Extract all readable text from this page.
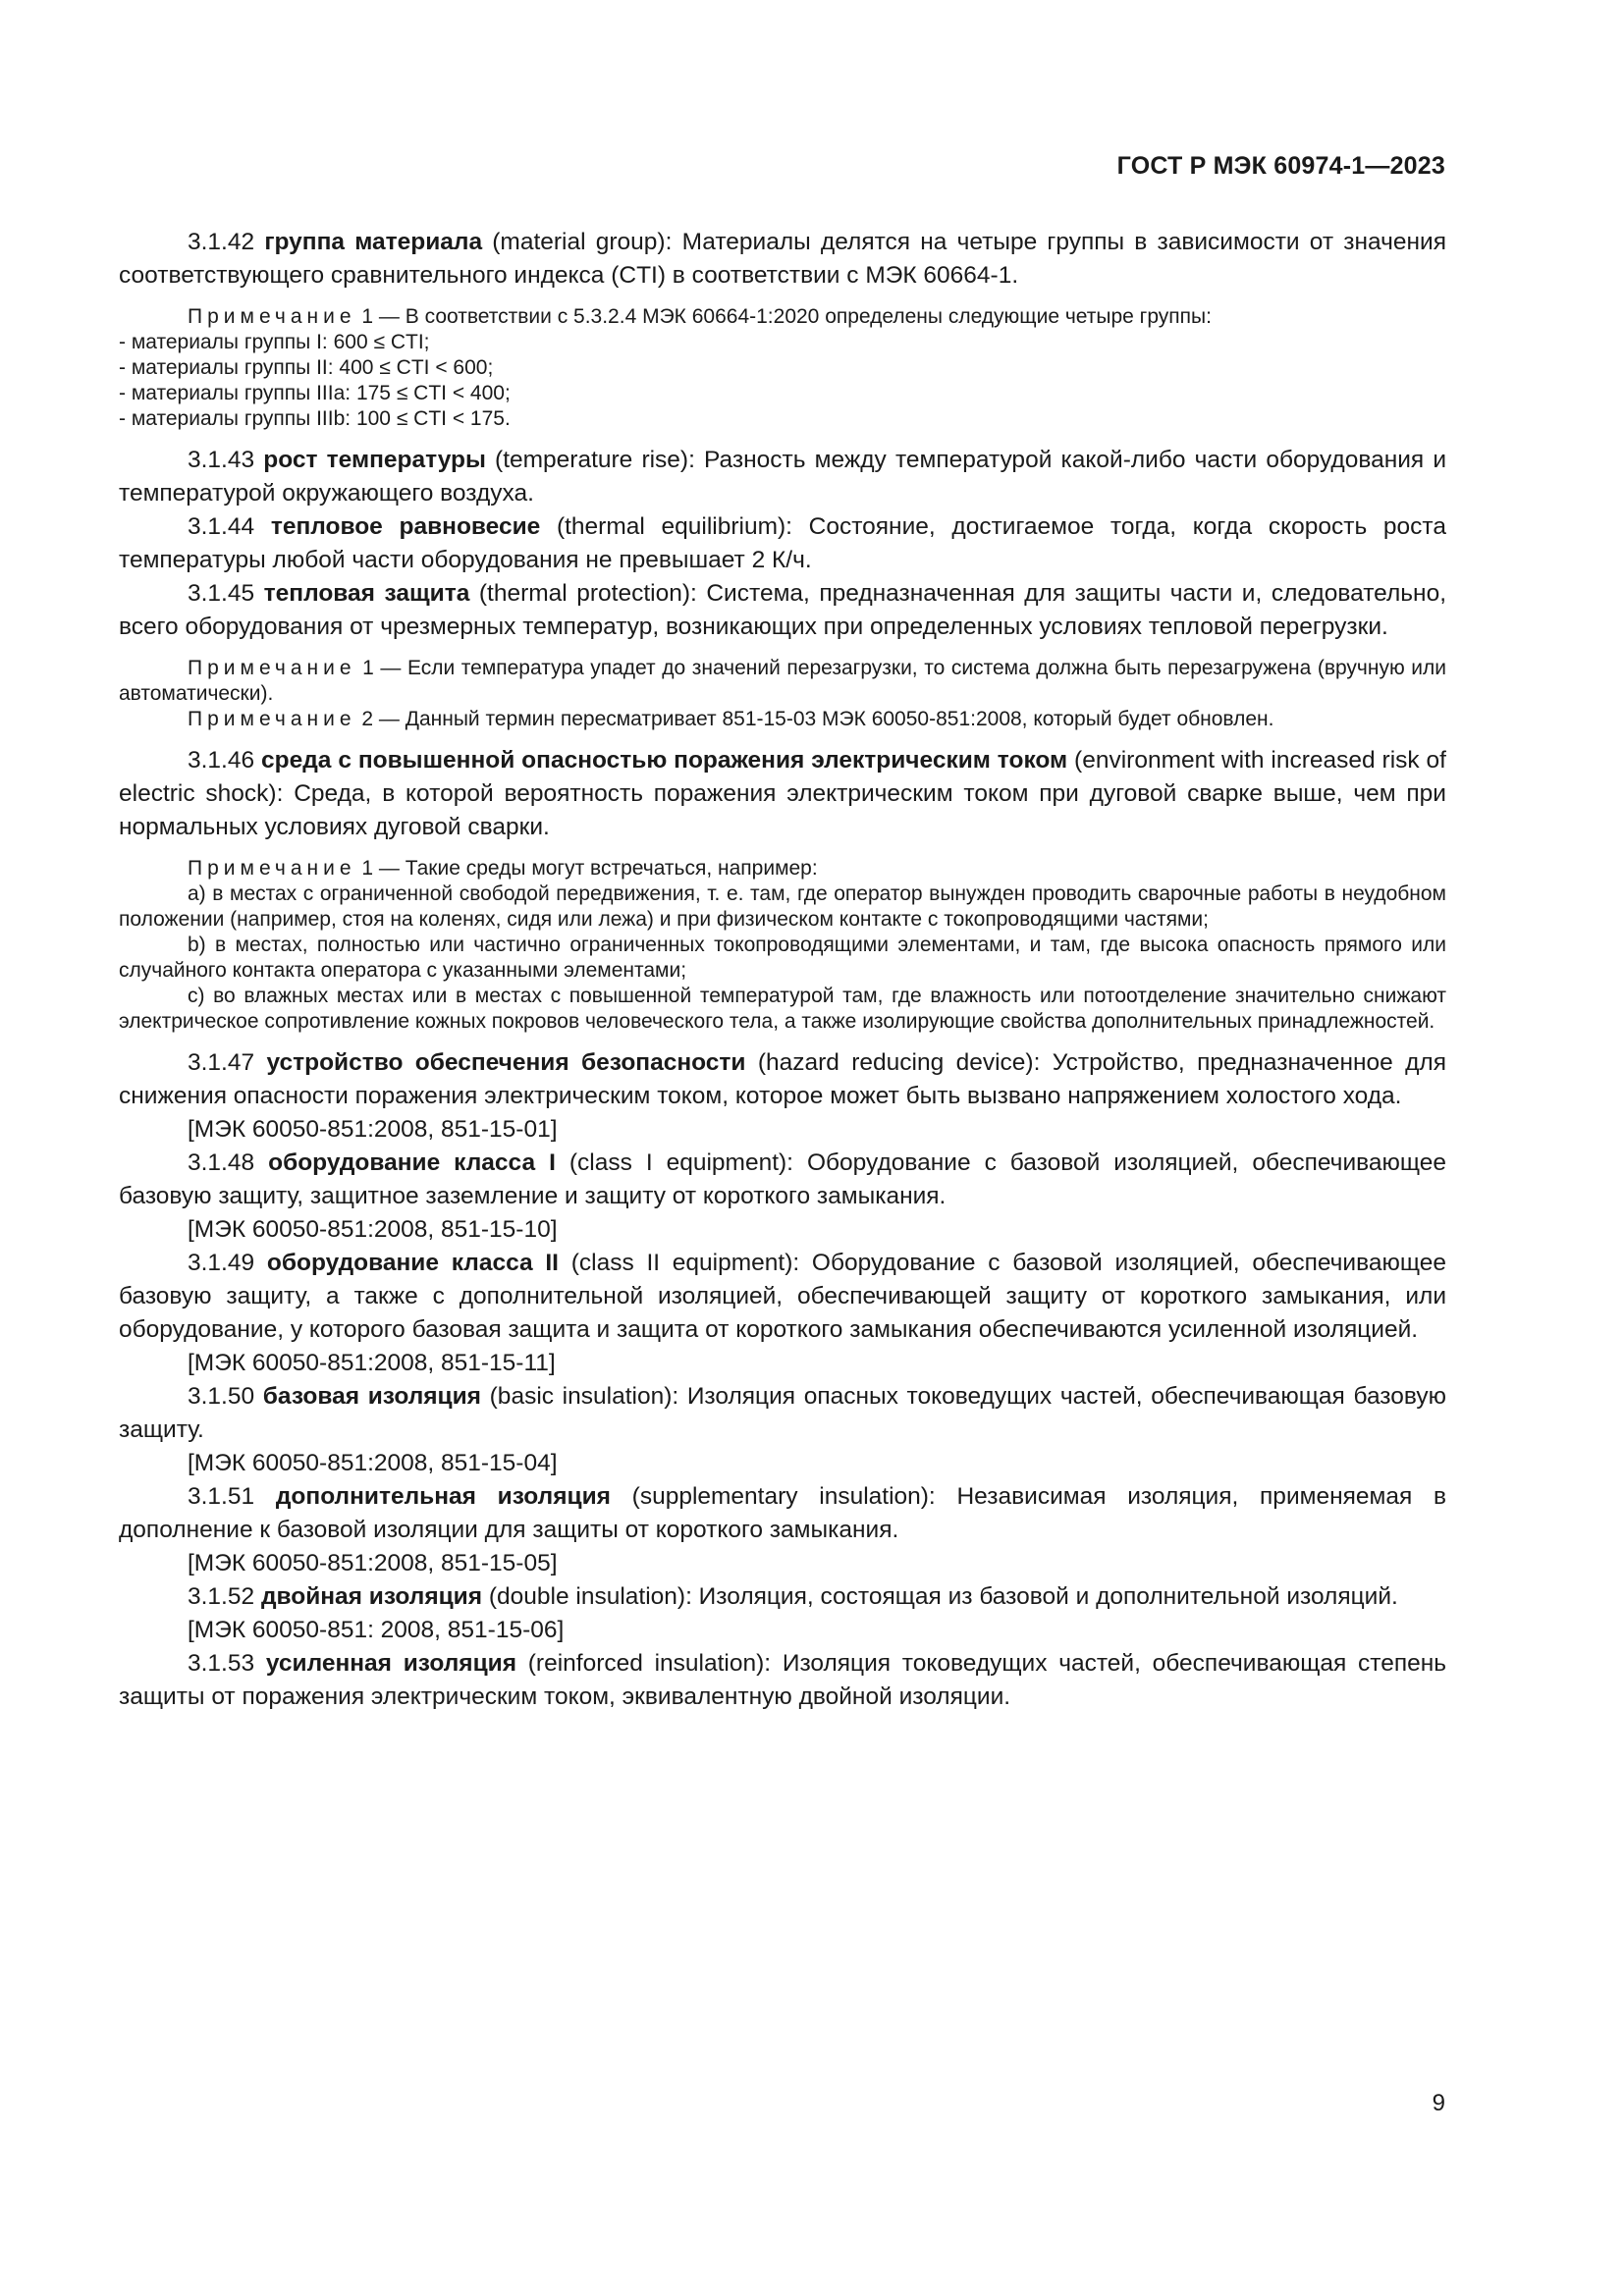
ГОСТ Р МЭК 60974-1—2023

3.1.42 группа материала (material group): Материалы делятся на четыре группы в зависимости от значения соответствующего сравнительного индекса (CTI) в соответствии с МЭК 60664-1.

Примечание 1 — В соответствии с 5.3.2.4 МЭК 60664-1:2020 определены следующие четыре группы:

- материалы группы I: 600 ≤ CTI;

- материалы группы II: 400 ≤ CTI < 600;

- материалы группы IIIa: 175 ≤ CTI < 400;

- материалы группы IIIb: 100 ≤ CTI < 175.

3.1.43 рост температуры (temperature rise): Разность между температурой какой-либо части оборудования и температурой окружающего воздуха.

3.1.44 тепловое равновесие (thermal equilibrium): Состояние, достигаемое тогда, когда скорость роста температуры любой части оборудования не превышает 2 К/ч.

3.1.45 тепловая защита (thermal protection): Система, предназначенная для защиты части и, следовательно, всего оборудования от чрезмерных температур, возникающих при определенных условиях тепловой перегрузки.

Примечание 1 — Если температура упадет до значений перезагрузки, то система должна быть перезагружена (вручную или автоматически).

Примечание 2 — Данный термин пересматривает 851-15-03 МЭК 60050-851:2008, который будет обновлен.

3.1.46 среда с повышенной опасностью поражения электрическим током (environment with increased risk of electric shock): Среда, в которой вероятность поражения электрическим током при дуговой сварке выше, чем при нормальных условиях дуговой сварки.

Примечание 1 — Такие среды могут встречаться, например:

a) в местах с ограниченной свободой передвижения, т. е. там, где оператор вынужден проводить сварочные работы в неудобном положении (например, стоя на коленях, сидя или лежа) и при физическом контакте с токопроводящими частями;

b) в местах, полностью или частично ограниченных токопроводящими элементами, и там, где высока опасность прямого или случайного контакта оператора с указанными элементами;

c) во влажных местах или в местах с повышенной температурой там, где влажность или потоотделение значительно снижают электрическое сопротивление кожных покровов человеческого тела, а также изолирующие свойства дополнительных принадлежностей.

3.1.47 устройство обеспечения безопасности (hazard reducing device): Устройство, предназначенное для снижения опасности поражения электрическим током, которое может быть вызвано напряжением холостого хода.

[МЭК 60050-851:2008, 851-15-01]

3.1.48 оборудование класса I (class I equipment): Оборудование с базовой изоляцией, обеспечивающее базовую защиту, защитное заземление и защиту от короткого замыкания.

[МЭК 60050-851:2008, 851-15-10]

3.1.49 оборудование класса II (class II equipment): Оборудование с базовой изоляцией, обеспечивающее базовую защиту, а также с дополнительной изоляцией, обеспечивающей защиту от короткого замыкания, или оборудование, у которого базовая защита и защита от короткого замыкания обеспечиваются усиленной изоляцией.

[МЭК 60050-851:2008, 851-15-11]

3.1.50 базовая изоляция (basic insulation): Изоляция опасных токоведущих частей, обеспечивающая базовую защиту.

[МЭК 60050-851:2008, 851-15-04]

3.1.51 дополнительная изоляция (supplementary insulation): Независимая изоляция, применяемая в дополнение к базовой изоляции для защиты от короткого замыкания.

[МЭК 60050-851:2008, 851-15-05]

3.1.52 двойная изоляция (double insulation): Изоляция, состоящая из базовой и дополнительной изоляций.

[МЭК 60050-851: 2008, 851-15-06]

3.1.53 усиленная изоляция (reinforced insulation): Изоляция токоведущих частей, обеспечивающая степень защиты от поражения электрическим током, эквивалентную двойной изоляции.

9
